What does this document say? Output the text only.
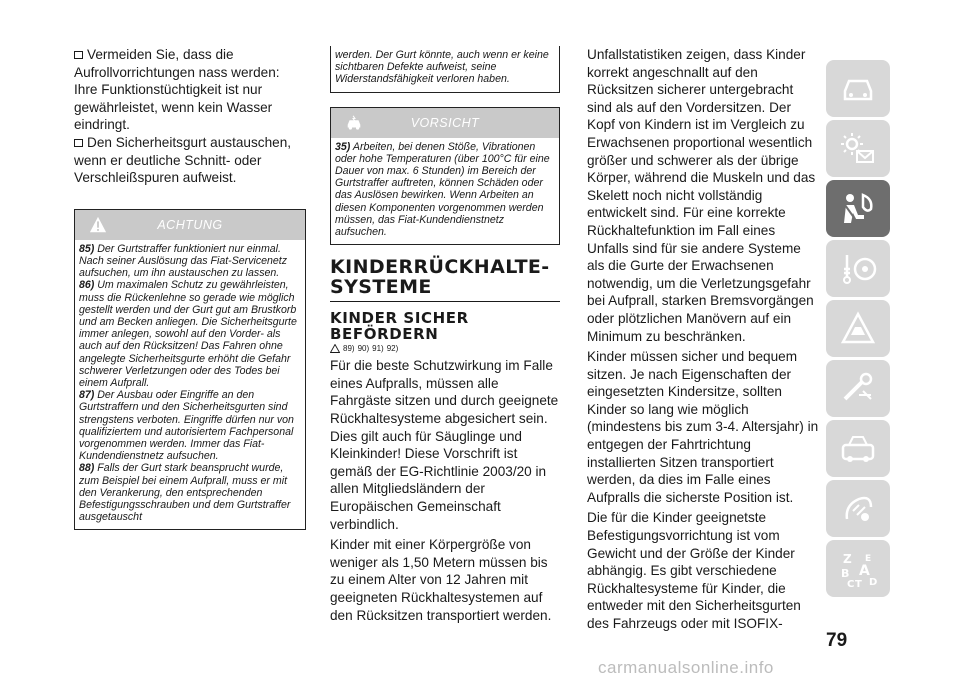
Vermeiden Sie, dass die Aufrollvorrichtungen nass werden: Ihre Funktionstüchtigkeit ist nur gewährleistet, wenn kein Wasser eindringt.

Den Sicherheitsgurt austauschen, wenn er deutliche Schnitt- oder Verschleißspuren aufweist.

ACHTUNG

85) Der Gurtstraffer funktioniert nur einmal. Nach seiner Auslösung das Fiat-Servicenetz aufsuchen, um ihn austauschen zu lassen.

86) Um maximalen Schutz zu gewährleisten, muss die Rückenlehne so gerade wie möglich gestellt werden und der Gurt gut am Brustkorb und am Becken anliegen. Die Sicherheitsgurte immer anlegen, sowohl auf den Vorder- als auch auf den Rücksitzen! Das Fahren ohne angelegte Sicherheitsgurte erhöht die Gefahr schwerer Verletzungen oder des Todes bei einem Aufprall.

87) Der Ausbau oder Eingriffe an den Gurtstraffern und den Sicherheitsgurten sind strengstens verboten. Eingriffe dürfen nur von qualifiziertem und autorisiertem Fachpersonal vorgenommen werden. Immer das Fiat-Kundendienstnetz aufsuchen.

88) Falls der Gurt stark beansprucht wurde, zum Beispiel bei einem Aufprall, muss er mit den Verankerung, den entsprechenden Befestigungsschrauben und dem Gurtstraffer ausgetauscht

werden. Der Gurt könnte, auch wenn er keine sichtbaren Defekte aufweist, seine Widerstandsfähigkeit verloren haben.
VORSICHT

35) Arbeiten, bei denen Stöße, Vibrationen oder hohe Temperaturen (über 100°C für eine Dauer von max. 6 Stunden) im Bereich der Gurtstraffer auftreten, können Schäden oder das Auslösen bewirken. Wenn Arbeiten an diesen Komponenten vorgenommen werden müssen, das Fiat-Kundendienstnetz aufsuchen.

KINDERRÜCKHALTE-SYSTEME
KINDER SICHER BEFÖRDERN
89) 90) 91) 92)

Für die beste Schutzwirkung im Falle eines Aufpralls, müssen alle Fahrgäste sitzen und durch geeignete Rückhaltesysteme abgesichert sein. Dies gilt auch für Säuglinge und Kleinkinder! Diese Vorschrift ist gemäß der EG-Richtlinie 2003/20 in allen Mitgliedsländern der Europäischen Gemeinschaft verbindlich.

Kinder mit einer Körpergröße von weniger als 1,50 Metern müssen bis zu einem Alter von 12 Jahren mit geeigneten Rückhaltesystemen auf den Rücksitzen transportiert werden.

Unfallstatistiken zeigen, dass Kinder korrekt angeschnallt auf den Rücksitzen sicherer untergebracht sind als auf den Vordersitzen. Der Kopf von Kindern ist im Vergleich zu Erwachsenen proportional wesentlich größer und schwerer als der übrige Körper, während die Muskeln und das Skelett noch nicht vollständig entwickelt sind. Für eine korrekte Rückhaltefunktion im Fall eines Unfalls sind für sie andere Systeme als die Gurte der Erwachsenen notwendig, um die Verletzungsgefahr bei Aufprall, starken Bremsvorgängen oder plötzlichen Manövern auf ein Minimum zu beschränken.

Kinder müssen sicher und bequem sitzen. Je nach Eigenschaften der eingesetzten Kindersitze, sollten Kinder so lang wie möglich (mindestens bis zum 3-4. Altersjahr) in entgegen der Fahrtrichtung installierten Sitzen transportiert werden, da dies im Falle eines Aufpralls die sicherste Position ist.

Die für die Kinder geeignetste Befestigungsvorrichtung ist vom Gewicht und der Größe der Kinder abhängig. Es gibt verschiedene Rückhaltesysteme für Kinder, die entweder mit den Sicherheitsgurten des Fahrzeugs oder mit ISOFIX-

Z E
B A
C T D
79
carmanualsonline.info
